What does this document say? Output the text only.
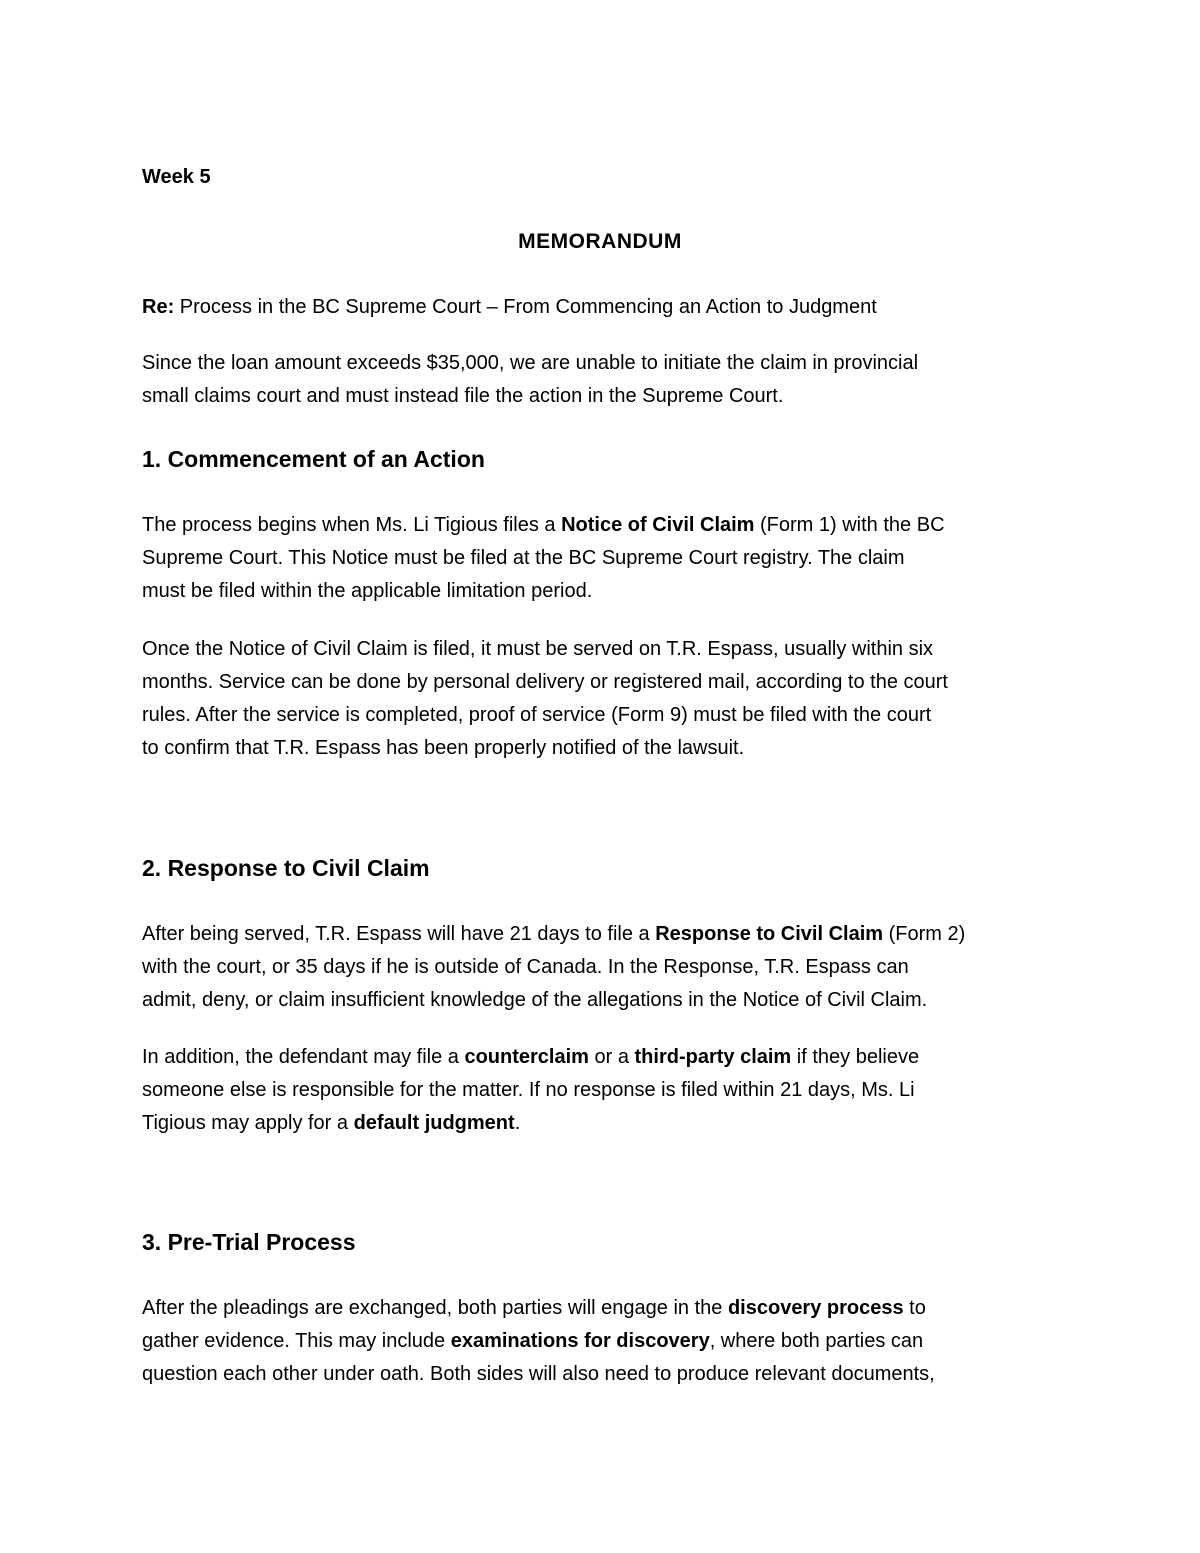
Week 5
MEMORANDUM
Re: Process in the BC Supreme Court – From Commencing an Action to Judgment
Since the loan amount exceeds $35,000, we are unable to initiate the claim in provincial
small claims court and must instead file the action in the Supreme Court.
1. Commencement of an Action
The process begins when Ms. Li Tigious files a Notice of Civil Claim (Form 1) with the BC
Supreme Court. This Notice must be filed at the BC Supreme Court registry. The claim
must be filed within the applicable limitation period.
Once the Notice of Civil Claim is filed, it must be served on T.R. Espass, usually within six
months. Service can be done by personal delivery or registered mail, according to the court
rules. After the service is completed, proof of service (Form 9) must be filed with the court
to confirm that T.R. Espass has been properly notified of the lawsuit.
2. Response to Civil Claim
After being served, T.R. Espass will have 21 days to file a Response to Civil Claim (Form 2)
with the court, or 35 days if he is outside of Canada. In the Response, T.R. Espass can
admit, deny, or claim insufficient knowledge of the allegations in the Notice of Civil Claim.
In addition, the defendant may file a counterclaim or a third-party claim if they believe
someone else is responsible for the matter. If no response is filed within 21 days, Ms. Li
Tigious may apply for a default judgment.
3. Pre-Trial Process
After the pleadings are exchanged, both parties will engage in the discovery process to
gather evidence. This may include examinations for discovery, where both parties can
question each other under oath. Both sides will also need to produce relevant documents,
